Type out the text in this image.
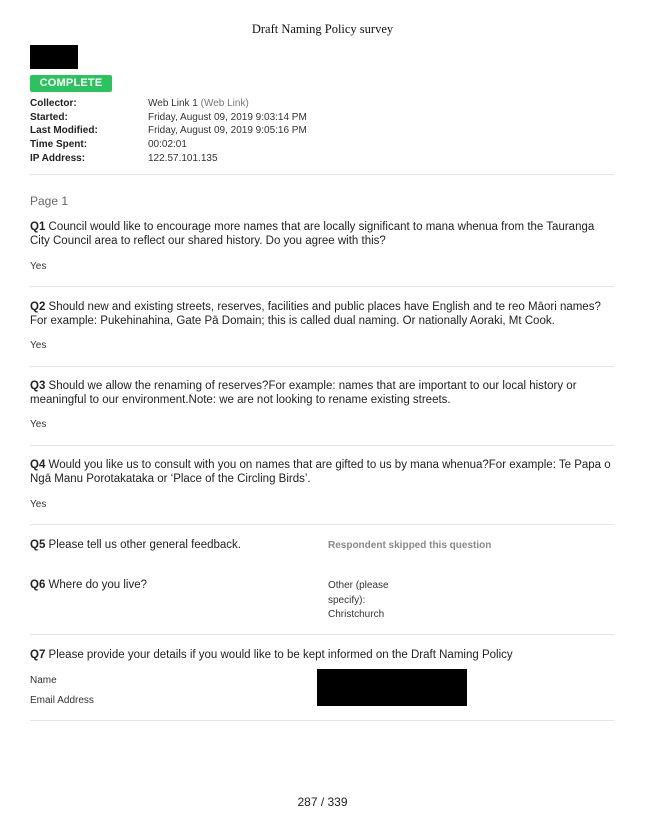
Draft Naming Policy survey
COMPLETE
Collector:	Web Link 1 (Web Link)
Started:	Friday, August 09, 2019 9:03:14 PM
Last Modified:	Friday, August 09, 2019 9:05:16 PM
Time Spent:	00:02:01
IP Address:	122.57.101.135
Page 1
Q1 Council would like to encourage more names that are locally significant to mana whenua from the Tauranga City Council area to reflect our shared history. Do you agree with this?
Yes
Q2 Should new and existing streets, reserves, facilities and public places have English and te reo Māori names?For example: Pukehinahina, Gate Pā Domain; this is called dual naming. Or nationally Aoraki, Mt Cook.
Yes
Q3 Should we allow the renaming of reserves?For example: names that are important to our local history or meaningful to our environment.Note: we are not looking to rename existing streets.
Yes
Q4 Would you like us to consult with you on names that are gifted to us by mana whenua?For example: Te Papa o Ngā Manu Porotakataka or ‘Place of the Circling Birds’.
Yes
Q5 Please tell us other general feedback.	Respondent skipped this question
Q6 Where do you live?	Other (please
specify):
Christchurch
Q7 Please provide your details if you would like to be kept informed on the Draft Naming Policy
Name
Email Address
287 / 339
